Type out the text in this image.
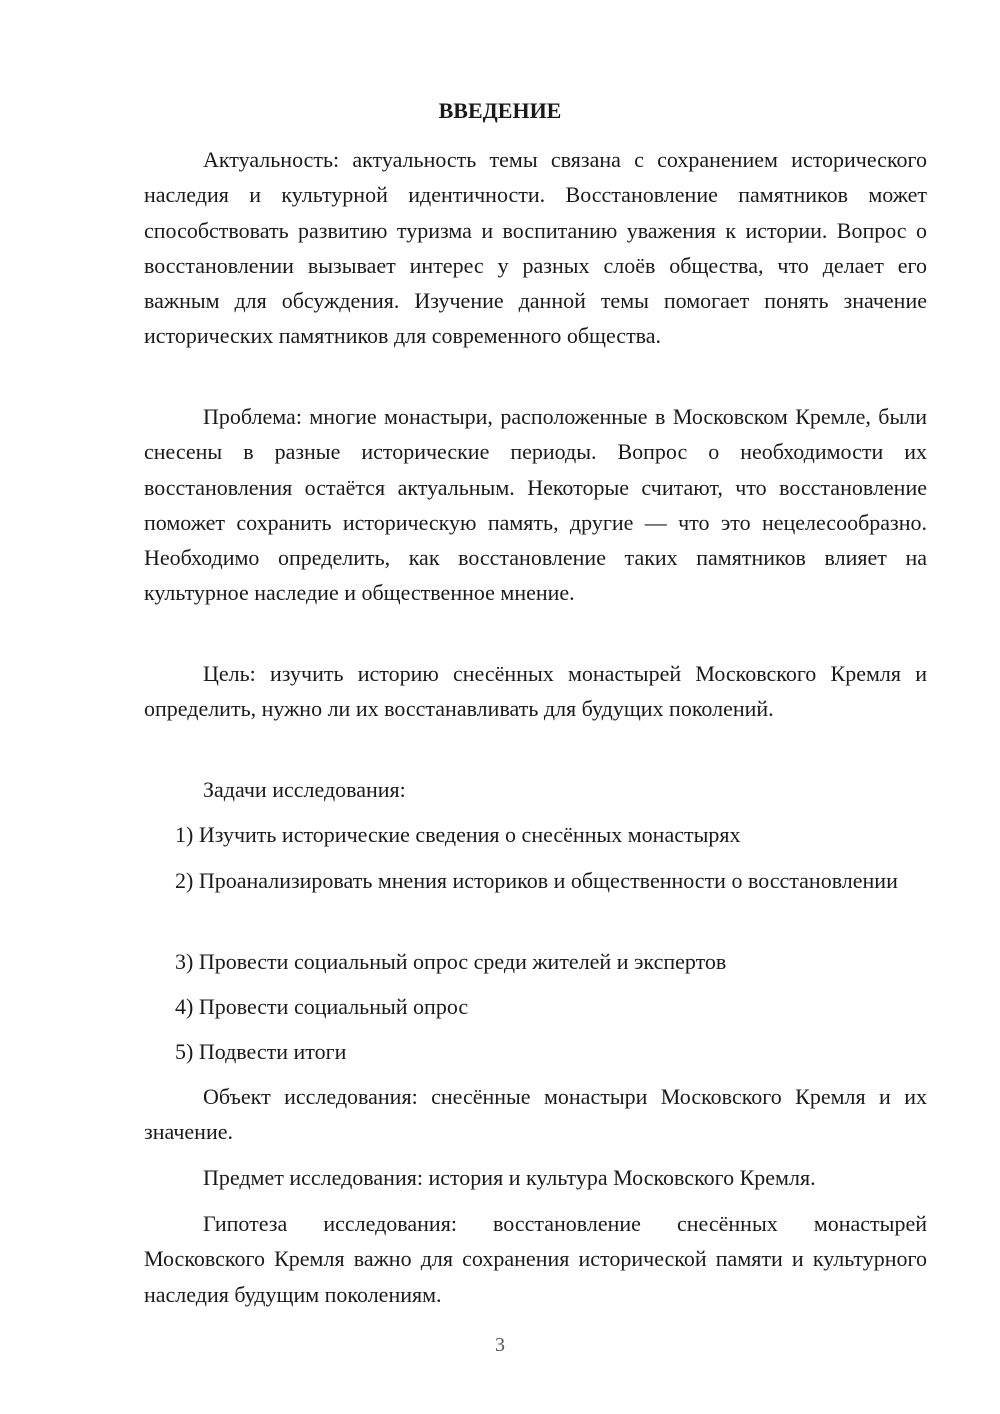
ВВЕДЕНИЕ

Актуальность: актуальность темы связана с сохранением исторического наследия и культурной идентичности. Восстановление памятников может способствовать развитию туризма и воспитанию уважения к истории. Вопрос о восстановлении вызывает интерес у разных слоёв общества, что делает его важным для обсуждения. Изучение данной темы помогает понять значение исторических памятников для современного общества.

Проблема: многие монастыри, расположенные в Московском Кремле, были снесены в разные исторические периоды. Вопрос о необходимости их восстановления остаётся актуальным. Некоторые считают, что восстановление поможет сохранить историческую память, другие — что это нецелесообразно. Необходимо определить, как восстановление таких памятников влияет на культурное наследие и общественное мнение.

Цель: изучить историю снесённых монастырей Московского Кремля и определить, нужно ли их восстанавливать для будущих поколений.

Задачи исследования:

1) Изучить исторические сведения о снесённых монастырях

2) Проанализировать мнения историков и общественности о восстановлении

3) Провести социальный опрос среди жителей и экспертов

4) Провести социальный опрос

5) Подвести итоги

Объект исследования: снесённые монастыри Московского Кремля и их значение.

Предмет исследования: история и культура Московского Кремля.

Гипотеза исследования: восстановление снесённых монастырей Московского Кремля важно для сохранения исторической памяти и культурного наследия будущим поколениям.

3
